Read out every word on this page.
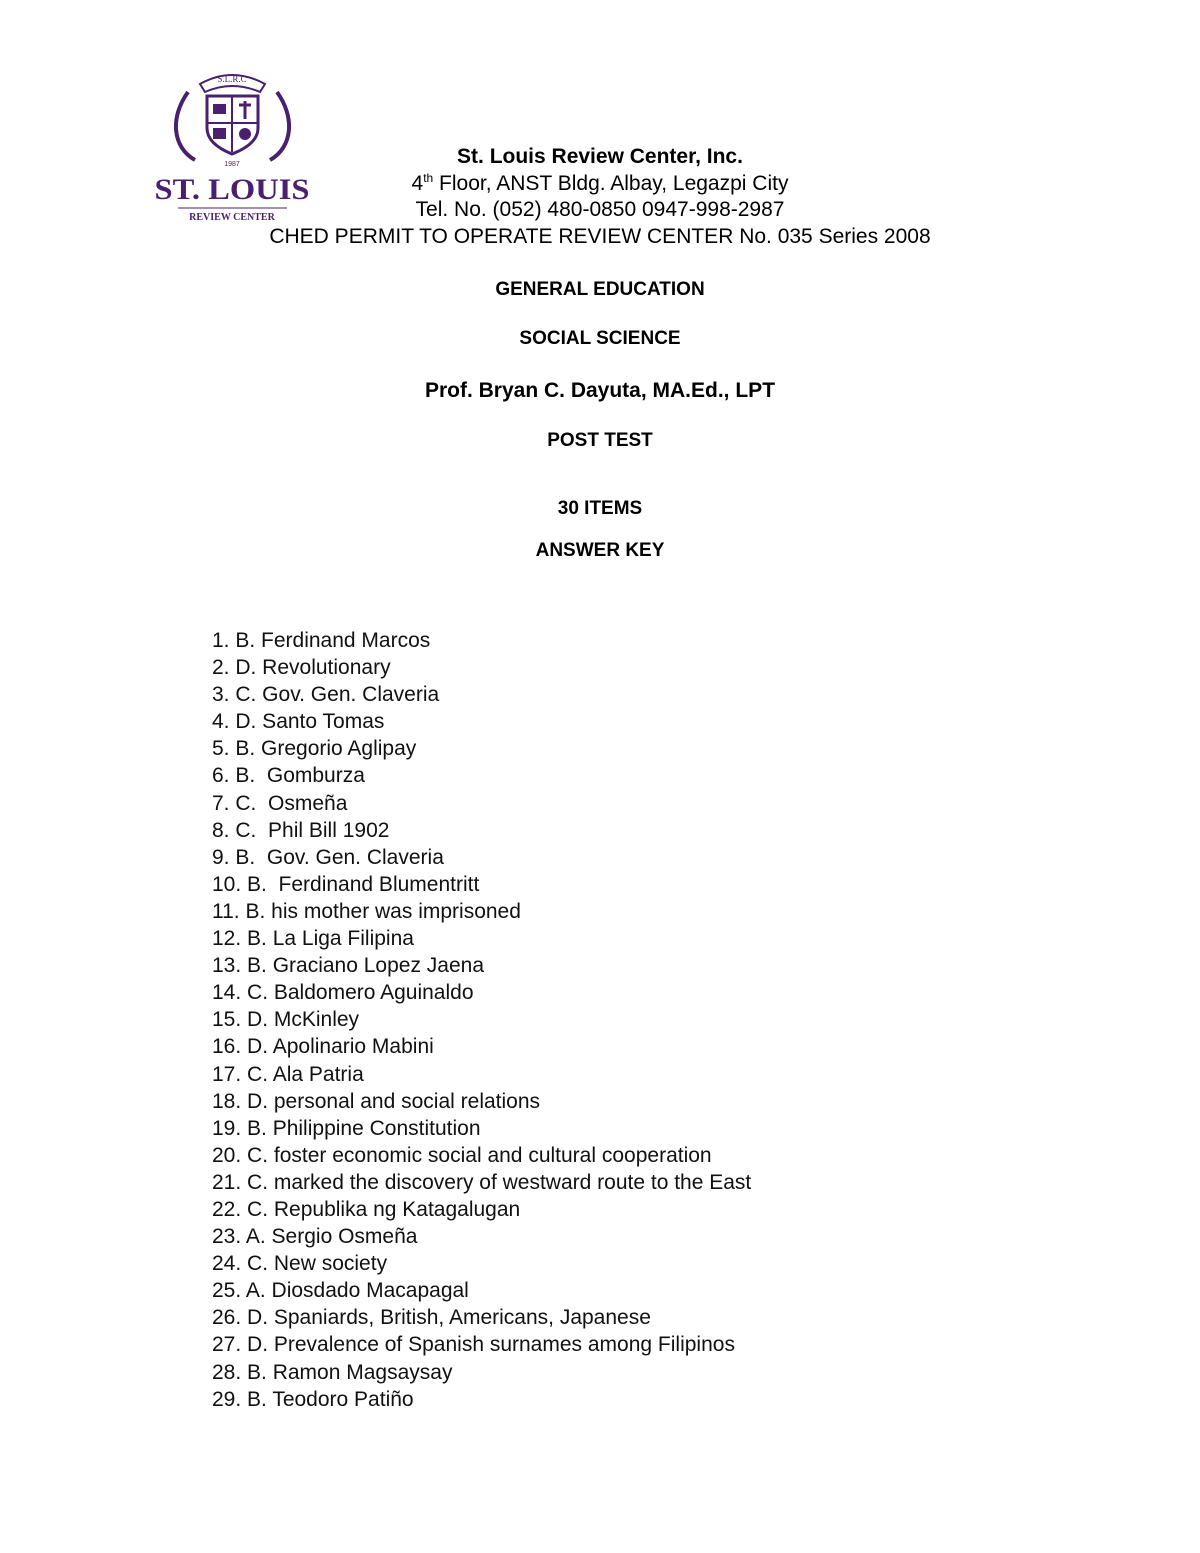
S.L.R.C
1987
ST. LOUIS
REVIEW CENTER
St. Louis Review Center, Inc.
4th Floor, ANST Bldg. Albay, Legazpi City
Tel. No. (052) 480-0850 0947-998-2987
CHED PERMIT TO OPERATE REVIEW CENTER No. 035 Series 2008
GENERAL EDUCATION
SOCIAL SCIENCE
Prof. Bryan C. Dayuta, MA.Ed., LPT
POST TEST
30 ITEMS
ANSWER KEY
1. B. Ferdinand Marcos
2. D. Revolutionary
3. C. Gov. Gen. Claveria
4. D. Santo Tomas
5. B. Gregorio Aglipay
6. B.  Gomburza
7. C.  Osmeña
8. C.  Phil Bill 1902
9. B.  Gov. Gen. Claveria
10. B.  Ferdinand Blumentritt
11. B. his mother was imprisoned
12. B. La Liga Filipina
13. B. Graciano Lopez Jaena
14. C. Baldomero Aguinaldo
15. D. McKinley
16. D. Apolinario Mabini
17. C. Ala Patria
18. D. personal and social relations
19. B. Philippine Constitution
20. C. foster economic social and cultural cooperation
21. C. marked the discovery of westward route to the East
22. C. Republika ng Katagalugan
23. A. Sergio Osmeña
24. C. New society
25. A. Diosdado Macapagal
26. D. Spaniards, British, Americans, Japanese
27. D. Prevalence of Spanish surnames among Filipinos
28. B. Ramon Magsaysay
29. B. Teodoro Patiño
